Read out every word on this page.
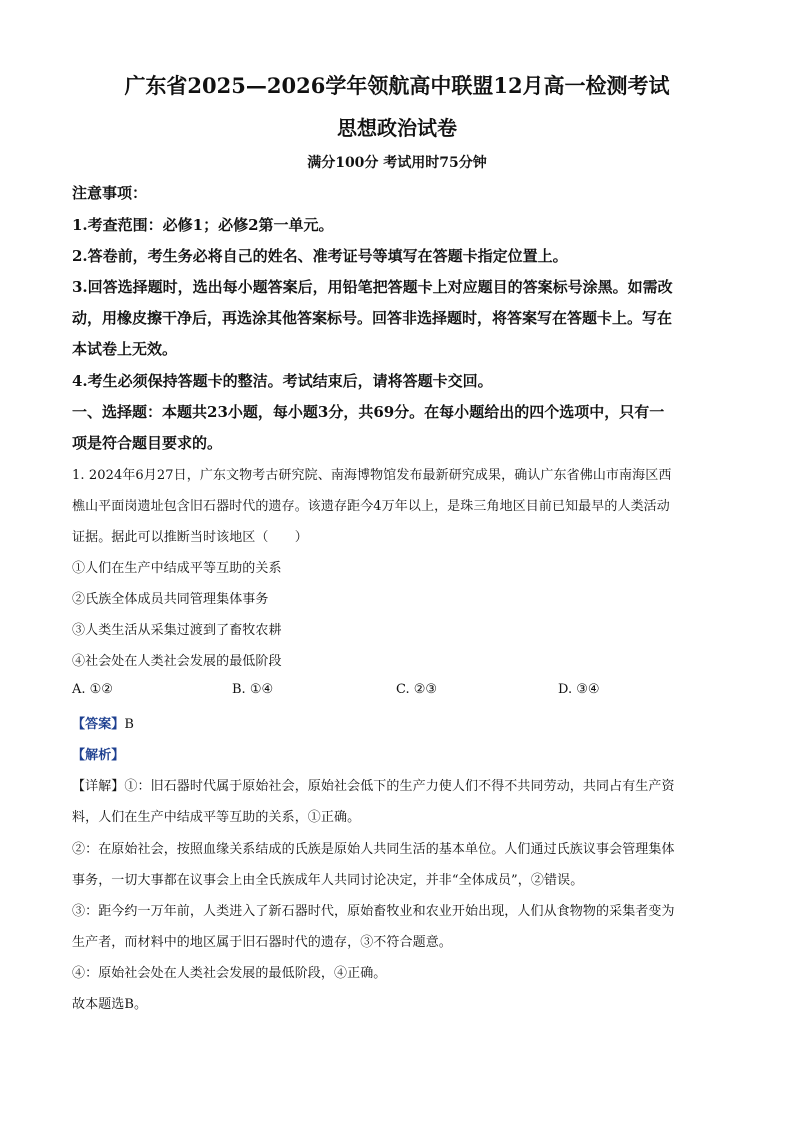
广东省2025—2026学年领航高中联盟12月高一检测考试
思想政治试卷
满分100分 考试用时75分钟
注意事项：
1.考查范围：必修1；必修2第一单元。
2.答卷前，考生务必将自己的姓名、准考证号等填写在答题卡指定位置上。
3.回答选择题时，选出每小题答案后，用铅笔把答题卡上对应题目的答案标号涂黑。如需改
动，用橡皮擦干净后，再选涂其他答案标号。回答非选择题时，将答案写在答题卡上。写在
本试卷上无效。
4.考生必须保持答题卡的整洁。考试结束后，请将答题卡交回。
一、选择题：本题共23小题，每小题3分，共69分。在每小题给出的四个选项中，只有一
项是符合题目要求的。
1. 2024年6月27日，广东文物考古研究院、南海博物馆发布最新研究成果，确认广东省佛山市南海区西
樵山平面岗遗址包含旧石器时代的遗存。该遗存距今4万年以上，是珠三角地区目前已知最早的人类活动
证据。据此可以推断当时该地区（　　）
①人们在生产中结成平等互助的关系
②氏族全体成员共同管理集体事务
③人类生活从采集过渡到了畜牧农耕
④社会处在人类社会发展的最低阶段
A. ①②	B. ①④	C. ②③	D. ③④
【答案】B
【解析】
【详解】①：旧石器时代属于原始社会，原始社会低下的生产力使人们不得不共同劳动，共同占有生产资
料，人们在生产中结成平等互助的关系，①正确。
②：在原始社会，按照血缘关系结成的氏族是原始人共同生活的基本单位。人们通过氏族议事会管理集体
事务，一切大事都在议事会上由全氏族成年人共同讨论决定，并非“全体成员”，②错误。
③：距今约一万年前，人类进入了新石器时代，原始畜牧业和农业开始出现，人们从食物物的采集者变为
生产者，而材料中的地区属于旧石器时代的遗存，③不符合题意。
④：原始社会处在人类社会发展的最低阶段，④正确。
故本题选B。
